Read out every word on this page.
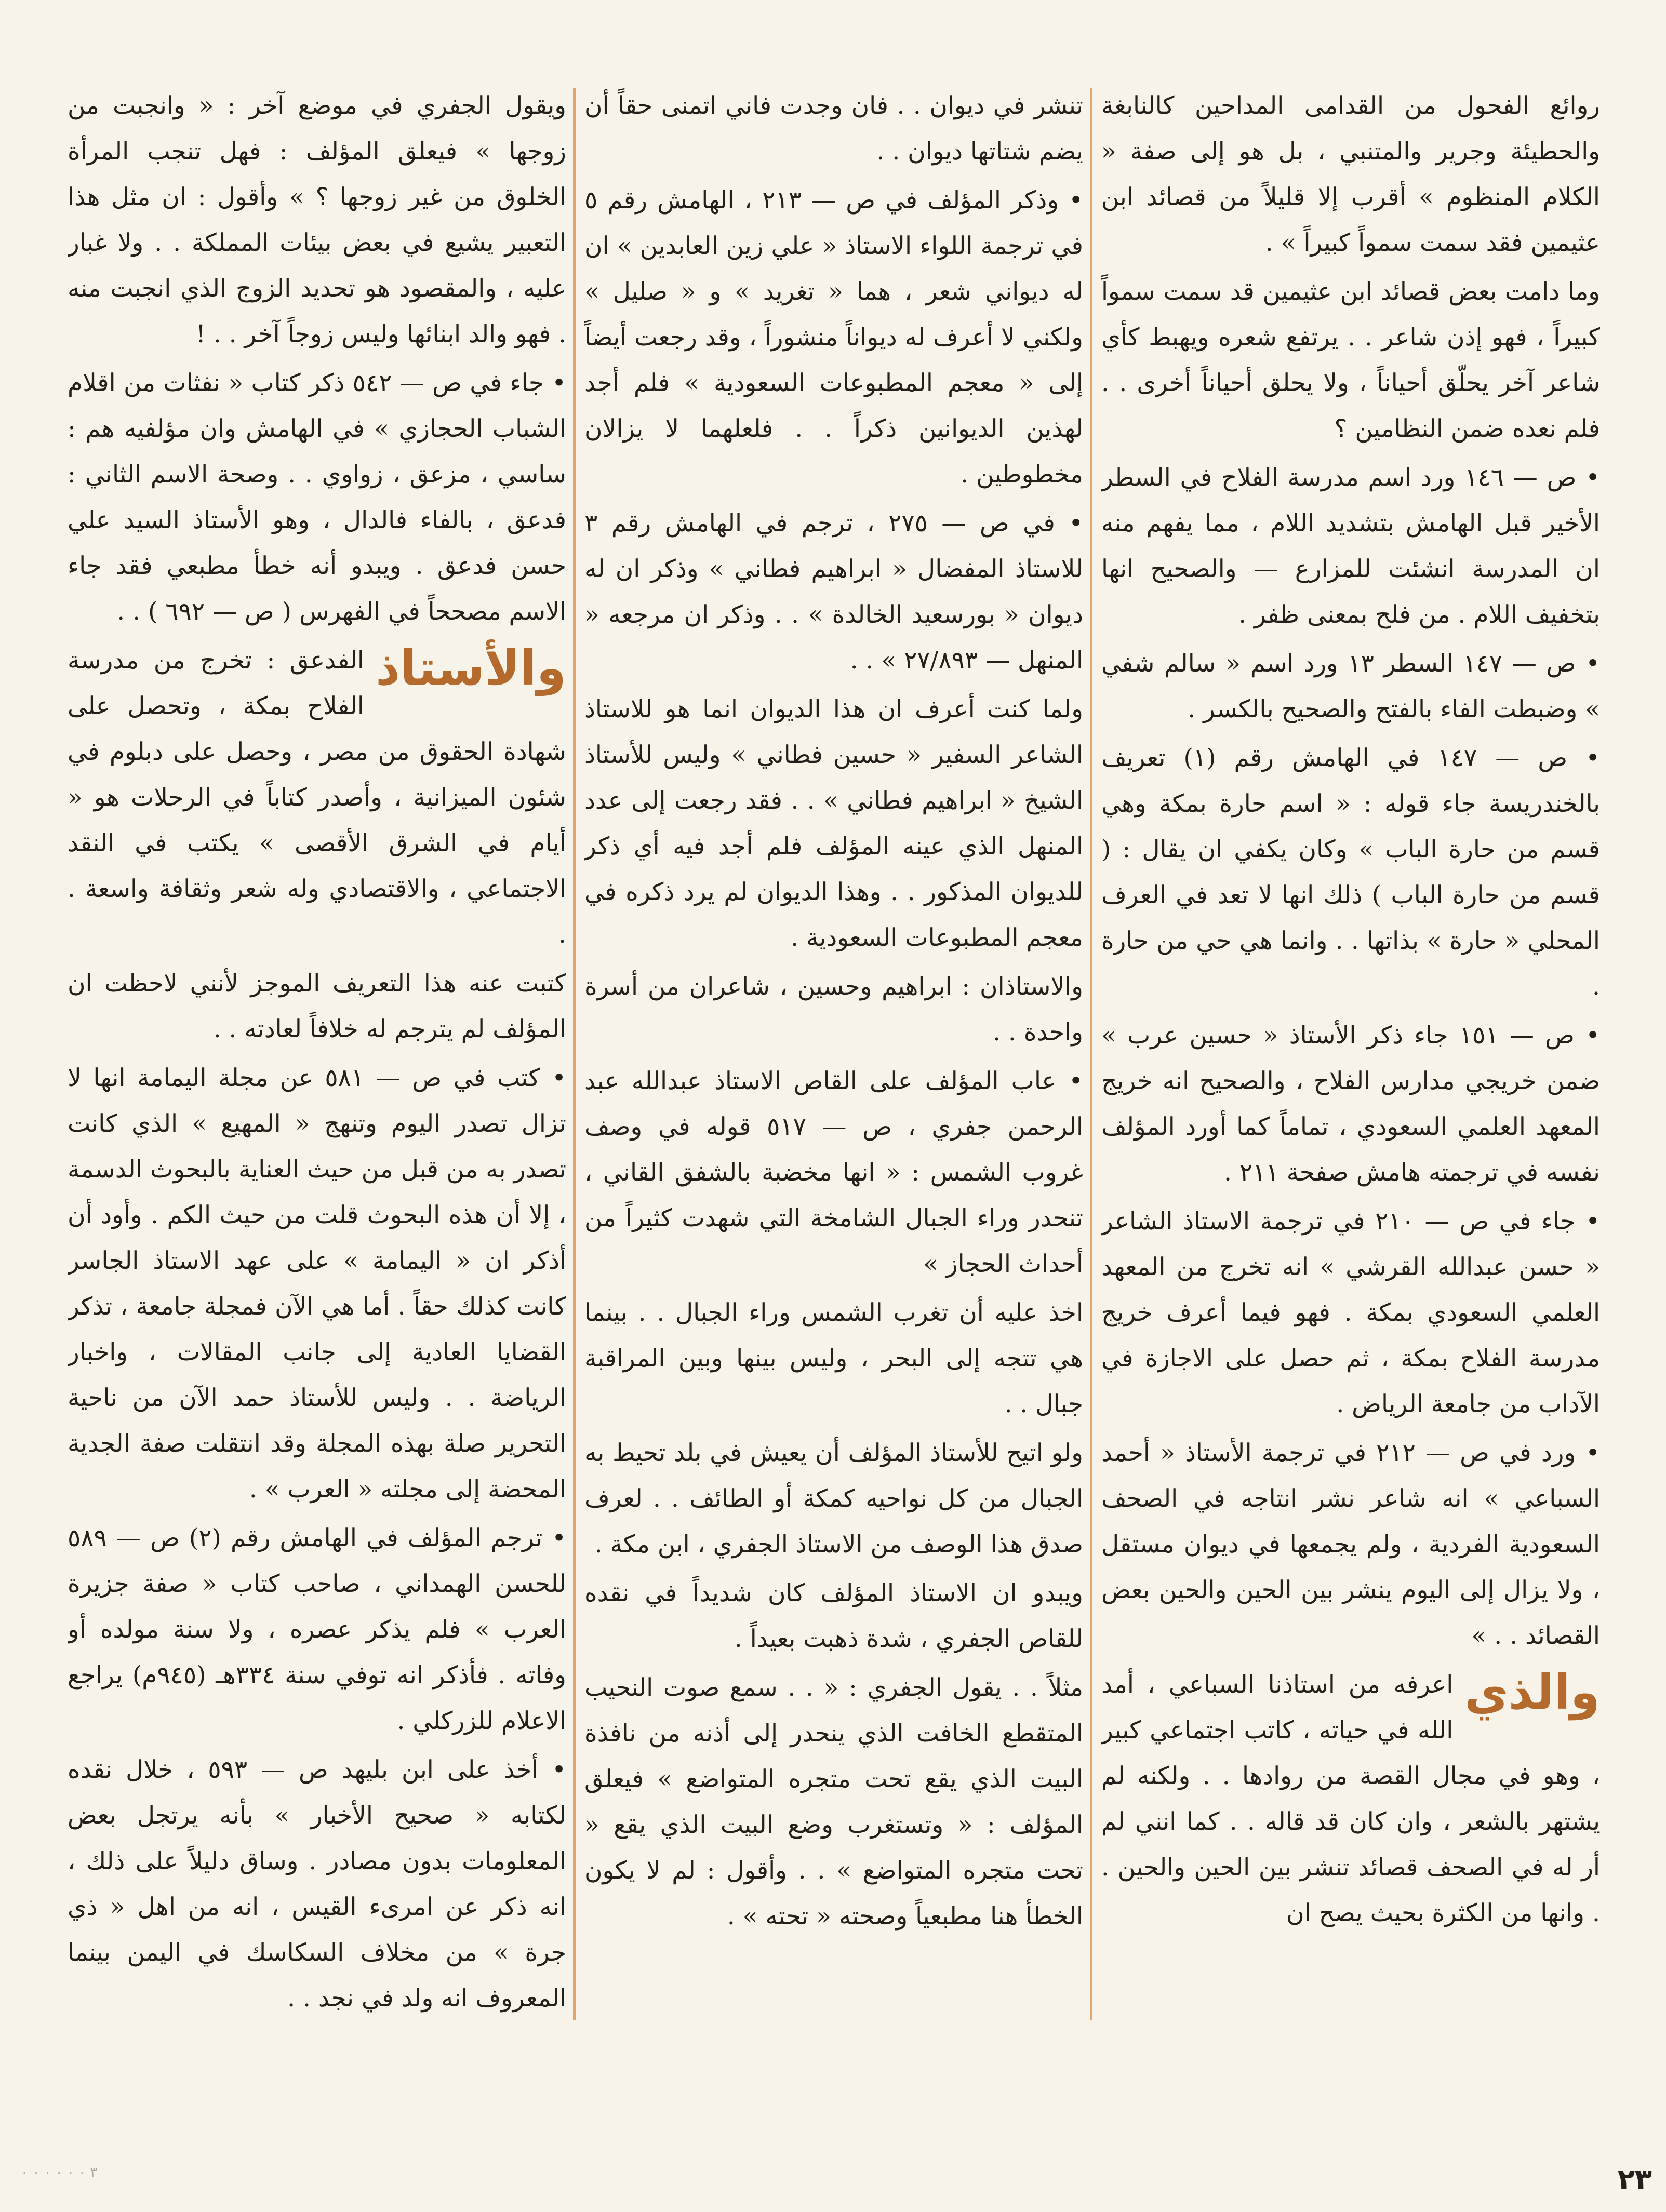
روائع الفحول من القدامى المداحين كالنابغة والحطيئة وجرير والمتنبي ، بل هو إلى صفة « الكلام المنظوم » أقرب إلا قليلاً من قصائد ابن عثيمين فقد سمت سمواً كبيراً » .

وما دامت بعض قصائد ابن عثيمين قد سمت سمواً كبيراً ، فهو إذن شاعر . . يرتفع شعره ويهبط كأي شاعر آخر يحلّق أحياناً ، ولا يحلق أحياناً أخرى . . فلم نعده ضمن النظامين ؟

• ص — ١٤٦ ورد اسم مدرسة الفلاح في السطر الأخير قبل الهامش بتشديد اللام ، مما يفهم منه ان المدرسة انشئت للمزارع — والصحيح انها بتخفيف اللام . من فلح بمعنى ظفر .

• ص — ١٤٧ السطر ١٣ ورد اسم « سالم شفي » وضبطت الفاء بالفتح والصحيح بالكسر .

• ص — ١٤٧ في الهامش رقم (١) تعريف بالخندريسة جاء قوله : « اسم حارة بمكة وهي قسم من حارة الباب » وكان يكفي ان يقال : ( قسم من حارة الباب ) ذلك انها لا تعد في العرف المحلي « حارة » بذاتها . . وانما هي حي من حارة .

• ص — ١٥١ جاء ذكر الأستاذ « حسين عرب » ضمن خريجي مدارس الفلاح ، والصحيح انه خريج المعهد العلمي السعودي ، تماماً كما أورد المؤلف نفسه في ترجمته هامش صفحة ٢١١ .

• جاء في ص — ٢١٠ في ترجمة الاستاذ الشاعر « حسن عبدالله القرشي » انه تخرج من المعهد العلمي السعودي بمكة . فهو فيما أعرف خريج مدرسة الفلاح بمكة ، ثم حصل على الاجازة في الآداب من جامعة الرياض .

• ورد في ص — ٢١٢ في ترجمة الأستاذ « أحمد السباعي » انه شاعر نشر انتاجه في الصحف السعودية الفردية ، ولم يجمعها في ديوان مستقل ، ولا يزال إلى اليوم ينشر بين الحين والحين بعض القصائد . . »

والذي
اعرفه من استاذنا السباعي ، أمد الله في حياته ، كاتب اجتماعي كبير ، وهو في مجال القصة من روادها . . ولكنه لم يشتهر بالشعر ، وان كان قد قاله . . كما انني لم أر له في الصحف قصائد تنشر بين الحين والحين . . وانها من الكثرة بحيث يصح ان

تنشر في ديوان . . فان وجدت فاني اتمنى حقاً أن يضم شتاتها ديوان . .

• وذكر المؤلف في ص — ٢١٣ ، الهامش رقم ٥ في ترجمة اللواء الاستاذ « علي زين العابدين » ان له ديواني شعر ، هما « تغريد » و « صليل » ولكني لا أعرف له ديواناً منشوراً ، وقد رجعت أيضاً إلى « معجم المطبوعات السعودية » فلم أجد لهذين الديوانين ذكراً . . فلعلهما لا يزالان مخطوطين .

• في ص — ٢٧٥ ، ترجم في الهامش رقم ٣ للاستاذ المفضال « ابراهيم فطاني » وذكر ان له ديوان « بورسعيد الخالدة » . . وذكر ان مرجعه « المنهل — ٢٧/٨٩٣ » . .

ولما كنت أعرف ان هذا الديوان انما هو للاستاذ الشاعر السفير « حسين فطاني » وليس للأستاذ الشيخ « ابراهيم فطاني » . . فقد رجعت إلى عدد المنهل الذي عينه المؤلف فلم أجد فيه أي ذكر للديوان المذكور . . وهذا الديوان لم يرد ذكره في معجم المطبوعات السعودية .

والاستاذان : ابراهيم وحسين ، شاعران من أسرة واحدة . .

• عاب المؤلف على القاص الاستاذ عبدالله عبد الرحمن جفري ، ص — ٥١٧ قوله في وصف غروب الشمس : « انها مخضبة بالشفق القاني ، تنحدر وراء الجبال الشامخة التي شهدت كثيراً من أحداث الحجاز »

اخذ عليه أن تغرب الشمس وراء الجبال . . بينما هي تتجه إلى البحر ، وليس بينها وبين المراقبة جبال . .

ولو اتيح للأستاذ المؤلف أن يعيش في بلد تحيط به الجبال من كل نواحيه كمكة أو الطائف . . لعرف صدق هذا الوصف من الاستاذ الجفري ، ابن مكة .

ويبدو ان الاستاذ المؤلف كان شديداً في نقده للقاص الجفري ، شدة ذهبت بعيداً .

مثلاً . . يقول الجفري : « . . سمع صوت النحيب المتقطع الخافت الذي ينحدر إلى أذنه من نافذة البيت الذي يقع تحت متجره المتواضع » فيعلق المؤلف : « وتستغرب وضع البيت الذي يقع « تحت متجره المتواضع » . . وأقول : لم لا يكون الخطأ هنا مطبعياً وصحته « تحته » .

ويقول الجفري في موضع آخر : « وانجبت من زوجها » فيعلق المؤلف : فهل تنجب المرأة الخلوق من غير زوجها ؟ » وأقول : ان مثل هذا التعبير يشيع في بعض بيئات المملكة . . ولا غبار عليه ، والمقصود هو تحديد الزوج الذي انجبت منه . فهو والد ابنائها وليس زوجاً آخر . . !

• جاء في ص — ٥٤٢ ذكر كتاب « نفثات من اقلام الشباب الحجازي » في الهامش وان مؤلفيه هم : ساسي ، مزعق ، زواوي . . وصحة الاسم الثاني : فدعق ، بالفاء فالدال ، وهو الأستاذ السيد علي حسن فدعق . ويبدو أنه خطأ مطبعي فقد جاء الاسم مصححاً في الفهرس ( ص — ٦٩٢ ) . .

والأستاذ
الفدعق : تخرج من مدرسة الفلاح بمكة ، وتحصل على شهادة الحقوق من مصر ، وحصل على دبلوم في شئون الميزانية ، وأصدر كتاباً في الرحلات هو « أيام في الشرق الأقصى » يكتب في النقد الاجتماعي ، والاقتصادي وله شعر وثقافة واسعة . .

كتبت عنه هذا التعريف الموجز لأنني لاحظت ان المؤلف لم يترجم له خلافاً لعادته . .

• كتب في ص — ٥٨١ عن مجلة اليمامة انها لا تزال تصدر اليوم وتنهج « المهيع » الذي كانت تصدر به من قبل من حيث العناية بالبحوث الدسمة ، إلا أن هذه البحوث قلت من حيث الكم . وأود أن أذكر ان « اليمامة » على عهد الاستاذ الجاسر كانت كذلك حقاً . أما هي الآن فمجلة جامعة ، تذكر القضايا العادية إلى جانب المقالات ، واخبار الرياضة . . وليس للأستاذ حمد الآن من ناحية التحرير صلة بهذه المجلة وقد انتقلت صفة الجدية المحضة إلى مجلته « العرب » .

• ترجم المؤلف في الهامش رقم (٢) ص — ٥٨٩ للحسن الهمداني ، صاحب كتاب « صفة جزيرة العرب » فلم يذكر عصره ، ولا سنة مولده أو وفاته . فأذكر انه توفي سنة ٣٣٤هـ (٩٤٥م) يراجع الاعلام للزركلي .

• أخذ على ابن بليهد ص — ٥٩٣ ، خلال نقده لكتابه « صحيح الأخبار » بأنه يرتجل بعض المعلومات بدون مصادر . وساق دليلاً على ذلك ، انه ذكر عن امرىء القيس ، انه من اهل « ذي جرة » من مخلاف السكاسك في اليمن بينما المعروف انه ولد في نجد . .

٢٣
٣ ٠ ٠ ٠ ٠ ٠ ٠
